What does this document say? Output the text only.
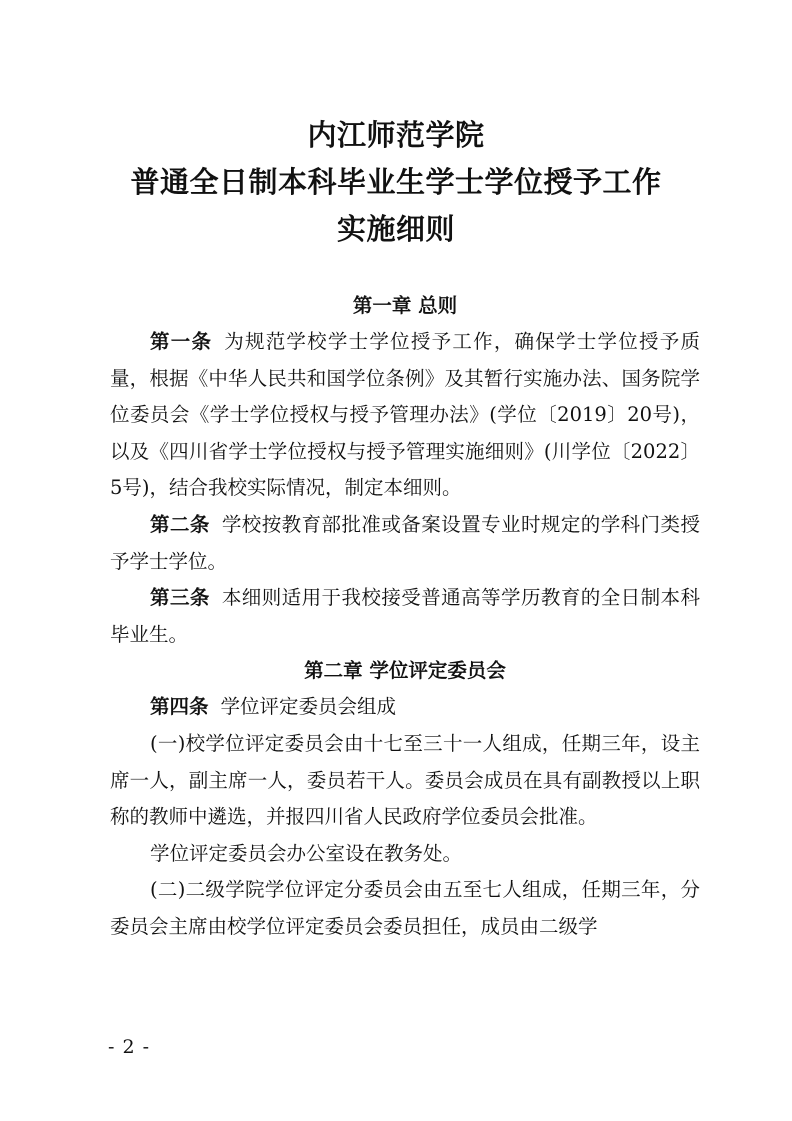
内江师范学院
普通全日制本科毕业生学士学位授予工作
实施细则
第一章 总则

第一条 为规范学校学士学位授予工作，确保学士学位授予质量，根据《中华人民共和国学位条例》及其暂行实施办法、国务院学位委员会《学士学位授权与授予管理办法》(学位〔2019〕20号)，以及《四川省学士学位授权与授予管理实施细则》(川学位〔2022〕5号)，结合我校实际情况，制定本细则。

第二条 学校按教育部批准或备案设置专业时规定的学科门类授予学士学位。

第三条 本细则适用于我校接受普通高等学历教育的全日制本科毕业生。

第二章 学位评定委员会

第四条 学位评定委员会组成

(一)校学位评定委员会由十七至三十一人组成，任期三年，设主席一人，副主席一人，委员若干人。委员会成员在具有副教授以上职称的教师中遴选，并报四川省人民政府学位委员会批准。

学位评定委员会办公室设在教务处。

(二)二级学院学位评定分委员会由五至七人组成，任期三年，分委员会主席由校学位评定委员会委员担任，成员由二级学

- 2 -
